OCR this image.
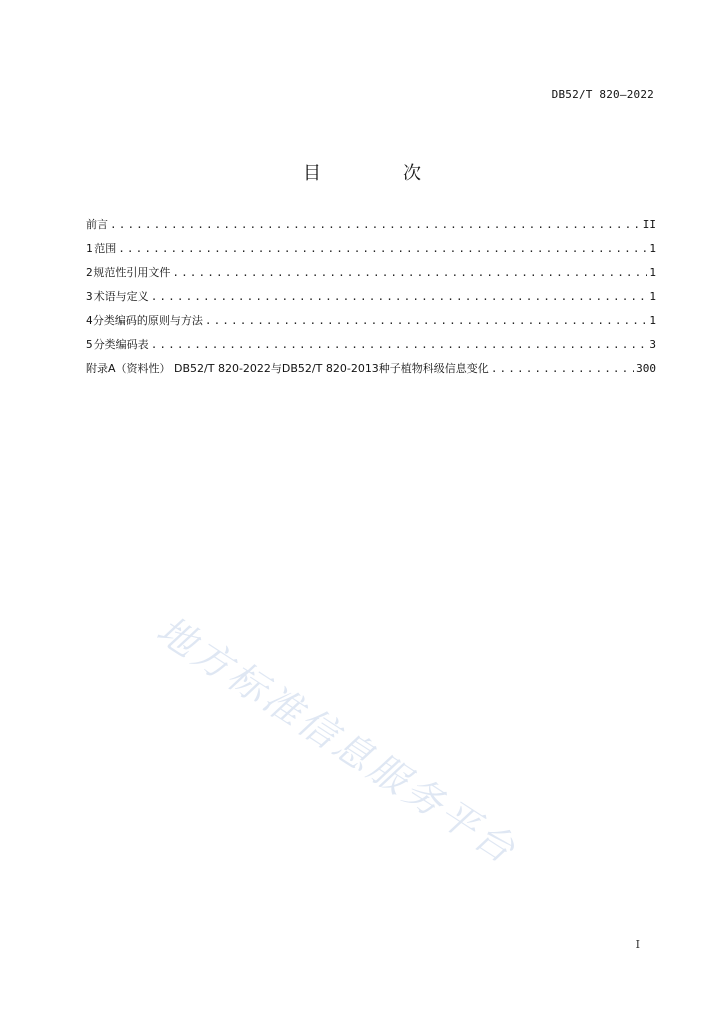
DB52/T 820—2022
目　次
前言 .....	II
1 范围 .....	1
2 规范性引用文件 .....	1
3 术语与定义 .....	1
4 分类编码的原则与方法 .....	1
5 分类编码表 .....	3
附录A（资料性） DB52/T 820-2022与DB52/T 820-2013种子植物科级信息变化 .....	300
地方标准信息服务平台
I
